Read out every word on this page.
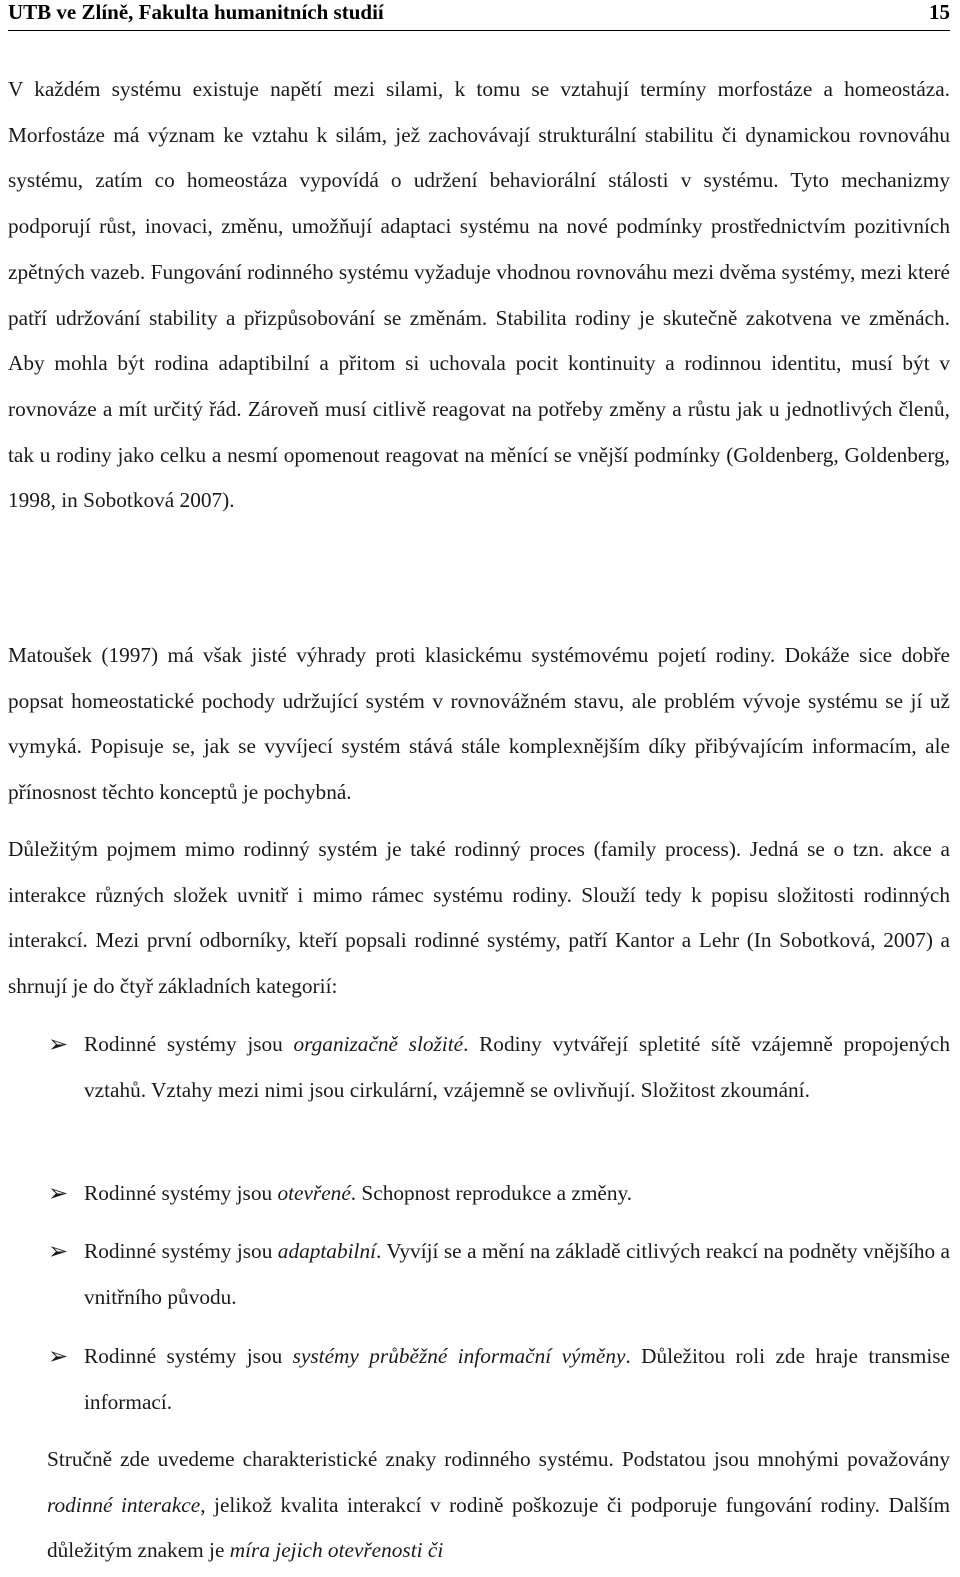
UTB ve Zlíně, Fakulta humanitních studií	15

V každém systému existuje napětí mezi silami, k tomu se vztahují termíny morfostáze a homeostáza. Morfostáze má význam ke vztahu k silám, jež zachovávají strukturální stabilitu či dynamickou rovnováhu systému, zatím co homeostáza vypovídá o udržení behaviorální stálosti v systému. Tyto mechanizmy podporují růst, inovaci, změnu, umožňují adaptaci systému na nové podmínky prostřednictvím pozitivních zpětných vazeb. Fungování rodinného systému vyžaduje vhodnou rovnováhu mezi dvěma systémy, mezi které patří udržování stability a přizpůsobování se změnám. Stabilita rodiny je skutečně zakotvena ve změnách. Aby mohla být rodina adaptibilní a přitom si uchovala pocit kontinuity a rodinnou identitu, musí být v rovnováze a mít určitý řád. Zároveň musí citlivě reagovat na potřeby změny a růstu jak u jednotlivých členů, tak u rodiny jako celku a nesmí opomenout reagovat na měnící se vnější podmínky (Goldenberg, Goldenberg, 1998, in Sobotková 2007).

Matoušek (1997) má však jisté výhrady proti klasickému systémovému pojetí rodiny. Dokáže sice dobře popsat homeostatické pochody udržující systém v rovnovážném stavu, ale problém vývoje systému se jí už vymyká. Popisuje se, jak se vyvíjecí systém stává stále komplexnějším díky přibývajícím informacím, ale přínosnost těchto konceptů je pochybná.

Důležitým pojmem mimo rodinný systém je také rodinný proces (family process). Jedná se o tzn. akce a interakce různých složek uvnitř i mimo rámec systému rodiny. Slouží tedy k popisu složitosti rodinných interakcí. Mezi první odborníky, kteří popsali rodinné systémy, patří Kantor a Lehr (In Sobotková, 2007) a shrnují je do čtyř základních kategorií:

➢ Rodinné systémy jsou organizačně složité. Rodiny vytvářejí spletité sítě vzájemně propojených vztahů. Vztahy mezi nimi jsou cirkulární, vzájemně se ovlivňují. Složitost zkoumání.
➢ Rodinné systémy jsou otevřené. Schopnost reprodukce a změny.
➢ Rodinné systémy jsou adaptabilní. Vyvíjí se a mění na základě citlivých reakcí na podněty vnějšího a vnitřního původu.
➢ Rodinné systémy jsou systémy průběžné informační výměny. Důležitou roli zde hraje transmise informací.

Stručně zde uvedeme charakteristické znaky rodinného systému. Podstatou jsou mnohými považovány rodinné interakce, jelikož kvalita interakcí v rodině poškozuje či podporuje fungování rodiny. Dalším důležitým znakem je míra jejich otevřenosti či
